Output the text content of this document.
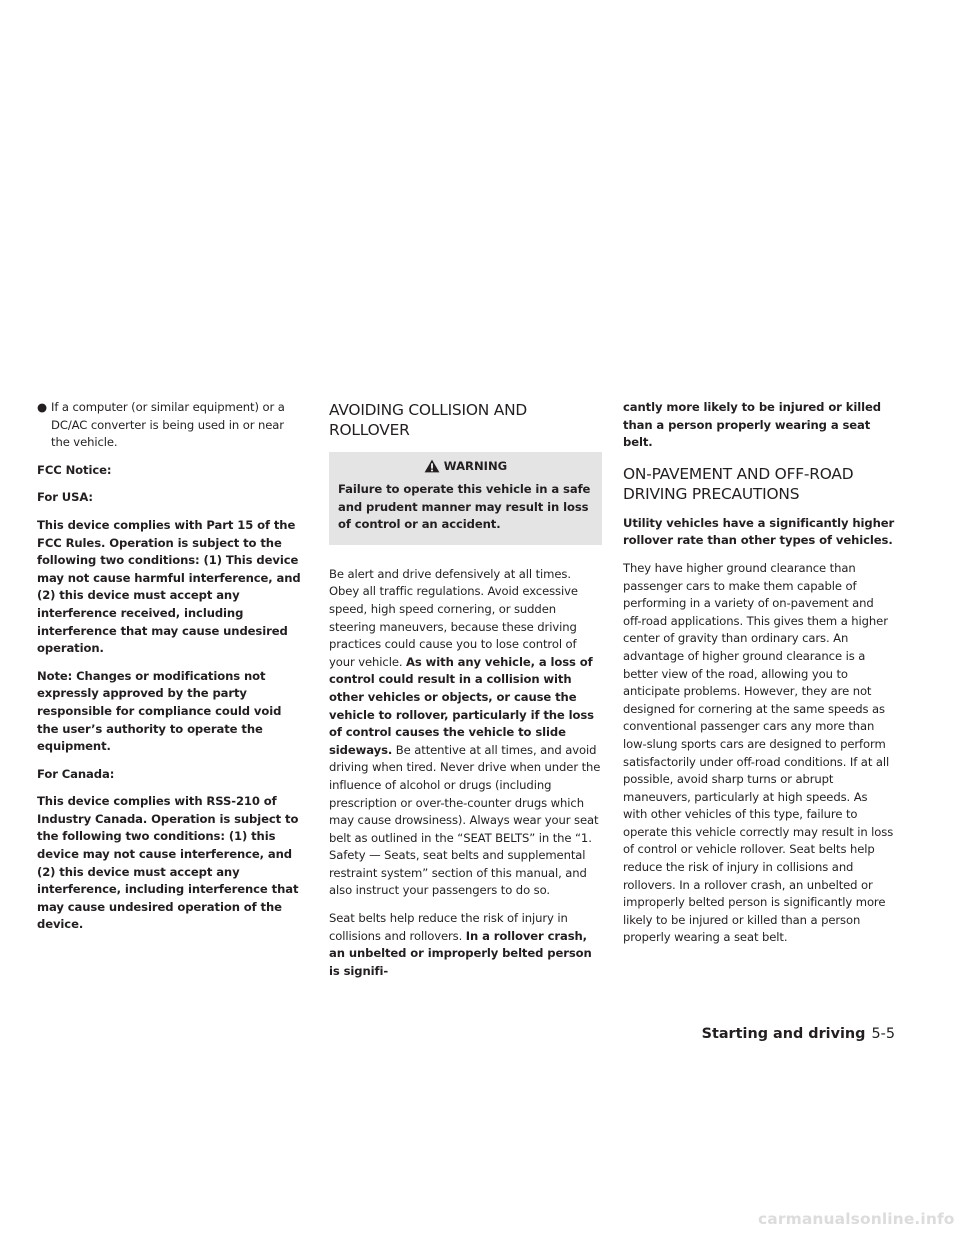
● If a computer (or similar equipment) or a DC/AC converter is being used in or near the vehicle.

FCC Notice:

For USA:

This device complies with Part 15 of the FCC Rules. Operation is subject to the following two conditions: (1) This device may not cause harmful interference, and (2) this device must accept any interference received, including interference that may cause undesired operation.

Note: Changes or modifications not expressly approved by the party responsible for compliance could void the user’s authority to operate the equipment.

For Canada:

This device complies with RSS-210 of Industry Canada. Operation is subject to the following two conditions: (1) this device may not cause interference, and (2) this device must accept any interference, including interference that may cause undesired operation of the device.

AVOIDING COLLISION AND ROLLOVER
WARNING

Failure to operate this vehicle in a safe and prudent manner may result in loss of control or an accident.

Be alert and drive defensively at all times. Obey all traffic regulations. Avoid excessive speed, high speed cornering, or sudden steering maneuvers, because these driving practices could cause you to lose control of your vehicle. As with any vehicle, a loss of control could result in a collision with other vehicles or objects, or cause the vehicle to rollover, particularly if the loss of control causes the vehicle to slide sideways. Be attentive at all times, and avoid driving when tired. Never drive when under the influence of alcohol or drugs (including prescription or over-the-counter drugs which may cause drowsiness). Always wear your seat belt as outlined in the “SEAT BELTS” in the “1. Safety — Seats, seat belts and supplemental restraint system” section of this manual, and also instruct your passengers to do so.

Seat belts help reduce the risk of injury in collisions and rollovers. In a rollover crash, an unbelted or improperly belted person is signifi-

cantly more likely to be injured or killed than a person properly wearing a seat belt.

ON-PAVEMENT AND OFF-ROAD DRIVING PRECAUTIONS

Utility vehicles have a significantly higher rollover rate than other types of vehicles.

They have higher ground clearance than passenger cars to make them capable of performing in a variety of on-pavement and off-road applications. This gives them a higher center of gravity than ordinary cars. An advantage of higher ground clearance is a better view of the road, allowing you to anticipate problems. However, they are not designed for cornering at the same speeds as conventional passenger cars any more than low-slung sports cars are designed to perform satisfactorily under off-road conditions. If at all possible, avoid sharp turns or abrupt maneuvers, particularly at high speeds. As with other vehicles of this type, failure to operate this vehicle correctly may result in loss of control or vehicle rollover. Seat belts help reduce the risk of injury in collisions and rollovers. In a rollover crash, an unbelted or improperly belted person is significantly more likely to be injured or killed than a person properly wearing a seat belt.

Starting and driving 5-5
carmanualsonline.info
